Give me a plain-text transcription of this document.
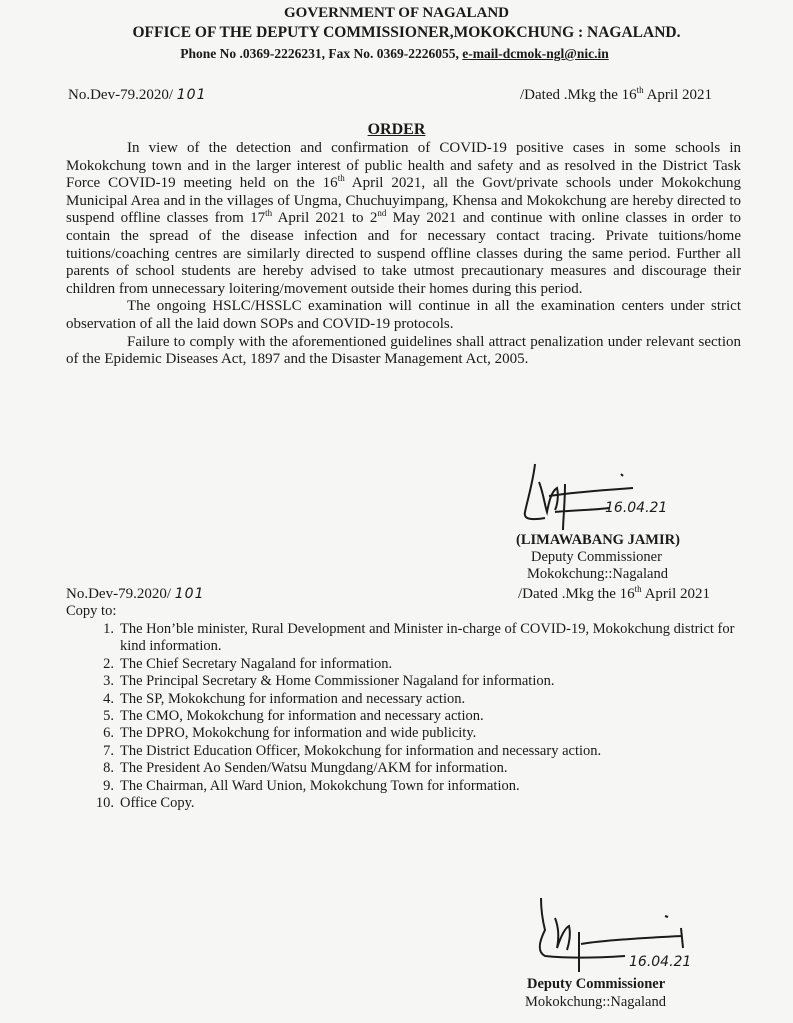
GOVERNMENT OF NAGALAND
OFFICE OF THE DEPUTY COMMISSIONER,MOKOKCHUNG : NAGALAND.
Phone No .0369-2226231, Fax No. 0369-2226055, e-mail-dcmok-ngl@nic.in
No.Dev-79.2020/ 101	/Dated .Mkg the 16th April 2021
ORDER

In view of the detection and confirmation of COVID-19 positive cases in some schools in Mokokchung town and in the larger interest of public health and safety and as resolved in the District Task Force COVID-19 meeting held on the 16th April 2021, all the Govt/private schools under Mokokchung Municipal Area and in the villages of Ungma, Chuchuyimpang, Khensa and Mokokchung are hereby directed to suspend offline classes from 17th April 2021 to 2nd May 2021 and continue with online classes in order to contain the spread of the disease infection and for necessary contact tracing. Private tuitions/home tuitions/coaching centres are similarly directed to suspend offline classes during the same period. Further all parents of school students are hereby advised to take utmost precautionary measures and discourage their children from unnecessary loitering/movement outside their homes during this period.

The ongoing HSLC/HSSLC examination will continue in all the examination centers under strict observation of all the laid down SOPs and COVID-19 protocols.

Failure to comply with the aforementioned guidelines shall attract penalization under relevant section of the Epidemic Diseases Act, 1897 and the Disaster Management Act, 2005.

16.04.21
(LIMAWABANG JAMIR)
Deputy Commissioner
Mokokchung::Nagaland
No.Dev-79.2020/ 101	/Dated .Mkg the 16th April 2021
Copy to:
1. The Hon’ble minister, Rural Development and Minister in-charge of COVID-19, Mokokchung district for kind information.
2. The Chief Secretary Nagaland for information.
3. The Principal Secretary & Home Commissioner Nagaland for information.
4. The SP, Mokokchung for information and necessary action.
5. The CMO, Mokokchung for information and necessary action.
6. The DPRO, Mokokchung for information and wide publicity.
7. The District Education Officer, Mokokchung for information and necessary action.
8. The President Ao Senden/Watsu Mungdang/AKM for information.
9. The Chairman, All Ward Union, Mokokchung Town for information.
10. Office Copy.
16.04.21
Deputy Commissioner
Mokokchung::Nagaland
